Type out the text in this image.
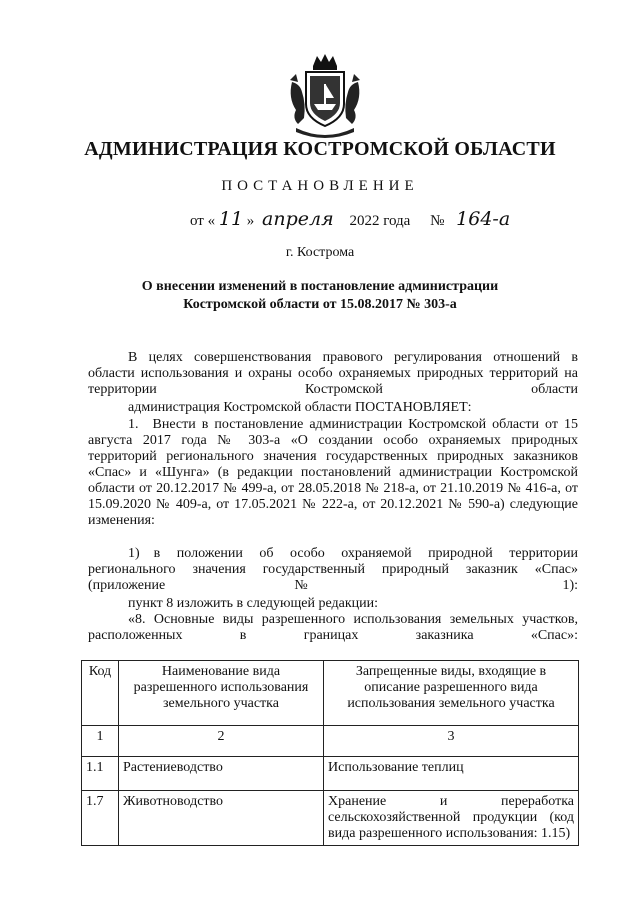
АДМИНИСТРАЦИЯ КОСТРОМСКОЙ ОБЛАСТИ
ПОСТАНОВЛЕНИЕ
от « 11 » апреля 2022 года № 164-а
г. Кострома
О внесении изменений в постановление администрации
Костромской области от 15.08.2017 № 303-а
В целях совершенствования правового регулирования отношений в области использования и охраны особо охраняемых природных территорий на территории Костромской области
администрация Костромской области ПОСТАНОВЛЯЕТ:
1. Внести в постановление администрации Костромской области от 15 августа 2017 года № 303-а «О создании особо охраняемых природных территорий регионального значения государственных природных заказников «Спас» и «Шунга» (в редакции постановлений администрации Костромской области от 20.12.2017 № 499-а, от 28.05.2018 № 218-а, от 21.10.2019 № 416-а, от 15.09.2020 № 409-а, от 17.05.2021 № 222-а, от 20.12.2021 № 590-а) следующие изменения:
1) в положении об особо охраняемой природной территории регионального значения государственный природный заказник «Спас» (приложение № 1):
пункт 8 изложить в следующей редакции:
«8. Основные виды разрешенного использования земельных участков, расположенных в границах заказника «Спас»:
Код	Наименование вида разрешенного использования земельного участка	Запрещенные виды, входящие в описание разрешенного вида использования земельного участка
1	2	3
1.1	Растениеводство	Использование теплиц
1.7	Животноводство	Хранение и переработка сельскохозяйственной продукции (код вида разрешенного использования: 1.15)
